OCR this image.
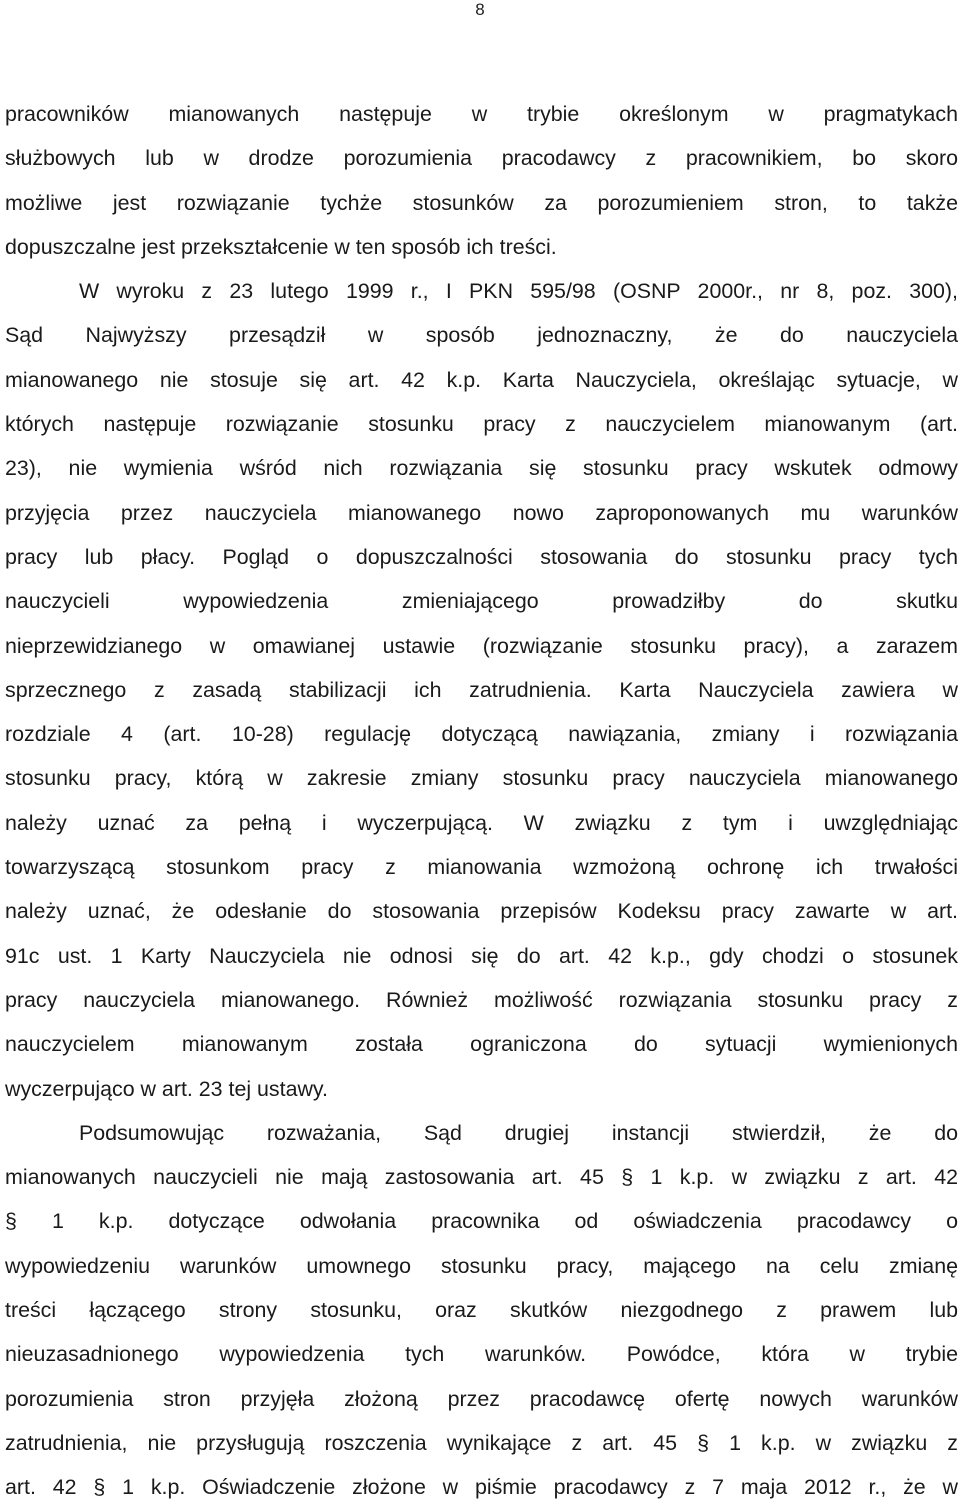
8
pracowników mianowanych następuje w trybie określonym w pragmatykach
służbowych lub w drodze porozumienia pracodawcy z pracownikiem, bo skoro
możliwe jest rozwiązanie tychże stosunków za porozumieniem stron, to także
dopuszczalne jest przekształcenie w ten sposób ich treści.
W wyroku z 23 lutego 1999 r., I PKN 595/98 (OSNP 2000r., nr 8, poz. 300),
Sąd Najwyższy przesądził w sposób jednoznaczny, że do nauczyciela
mianowanego nie stosuje się art. 42 k.p. Karta Nauczyciela, określając sytuacje, w
których następuje rozwiązanie stosunku pracy z nauczycielem mianowanym (art.
23), nie wymienia wśród nich rozwiązania się stosunku pracy wskutek odmowy
przyjęcia przez nauczyciela mianowanego nowo zaproponowanych mu warunków
pracy lub płacy. Pogląd o dopuszczalności stosowania do stosunku pracy tych
nauczycieli wypowiedzenia zmieniającego prowadziłby do skutku
nieprzewidzianego w omawianej ustawie (rozwiązanie stosunku pracy), a zarazem
sprzecznego z zasadą stabilizacji ich zatrudnienia. Karta Nauczyciela zawiera w
rozdziale 4 (art. 10-28) regulację dotyczącą nawiązania, zmiany i rozwiązania
stosunku pracy, którą w zakresie zmiany stosunku pracy nauczyciela mianowanego
należy uznać za pełną i wyczerpującą. W związku z tym i uwzględniając
towarzyszącą stosunkom pracy z mianowania wzmożoną ochronę ich trwałości
należy uznać, że odesłanie do stosowania przepisów Kodeksu pracy zawarte w art.
91c ust. 1 Karty Nauczyciela nie odnosi się do art. 42 k.p., gdy chodzi o stosunek
pracy nauczyciela mianowanego. Również możliwość rozwiązania stosunku pracy z
nauczycielem mianowanym została ograniczona do sytuacji wymienionych
wyczerpująco w art. 23 tej ustawy.
Podsumowując rozważania, Sąd drugiej instancji stwierdził, że do
mianowanych nauczycieli nie mają zastosowania art. 45 § 1 k.p. w związku z art. 42
§ 1 k.p. dotyczące odwołania pracownika od oświadczenia pracodawcy o
wypowiedzeniu warunków umownego stosunku pracy, mającego na celu zmianę
treści łączącego strony stosunku, oraz skutków niezgodnego z prawem lub
nieuzasadnionego wypowiedzenia tych warunków. Powódce, która w trybie
porozumienia stron przyjęła złożoną przez pracodawcę ofertę nowych warunków
zatrudnienia, nie przysługują roszczenia wynikające z art. 45 § 1 k.p. w związku z
art. 42 § 1 k.p. Oświadczenie złożone w piśmie pracodawcy z 7 maja 2012 r., że w
